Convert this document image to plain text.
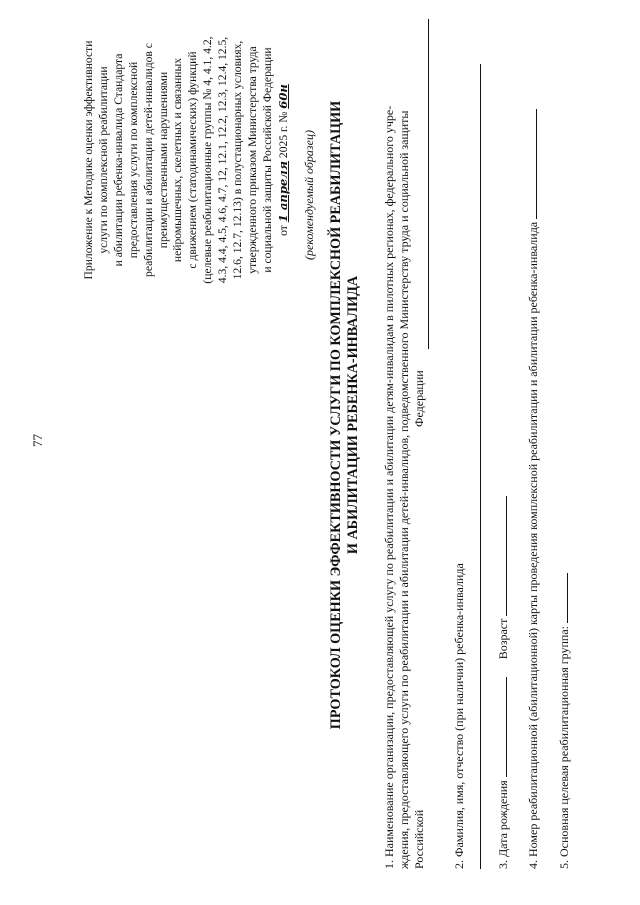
77
Приложение к Методике оценки эффективности услуги по комплексной реабилитации и абилитации ребенка-инвалида Стандарта предоставления услуги по комплексной реабилитации и абилитации детей-инвалидов с преимущественными нарушениями нейромышечных, скелетных и связанных с движением (статодинамических) функций (целевые реабилитационные группы № 4, 4.1, 4.2, 4.3, 4.4, 4.5, 4.6, 4.7, 12, 12.1, 12.2, 12.3, 12.4, 12.5, 12.6, 12.7, 12.13) в полустационарных условиях, утвержденного приказом Министерства труда и социальной защиты Российской Федерации от 1 апреля 2025 г. № 60н
(рекомендуемый образец) ПРОТОКОЛ ОЦЕНКИ ЭФФЕКТИВНОСТИ УСЛУГИ ПО КОМПЛЕКСНОЙ РЕАБИЛИТАЦИИ И АБИЛИТАЦИИ РЕБЕНКА-ИНВАЛИДА 1. Наименование организации, предоставляющей услугу по реабилитации и абилитации детям-инвалидам в пилотных регионах, федерального учре- ждения, предоставляющего услуги по реабилитации и абилитации детей-инвалидов, подведомственного Министерству труда и социальной защиты Российской
Федерации
2. Фамилия, имя, отчество (при наличии) ребенка-инвалида	3. Дата рождения   Возраст 4. Номер реабилитационной (абилитационной) карты проведения комплексной реабилитации и абилитации ребенка-инвалида 5. Основная целевая реабилитационная группа:
